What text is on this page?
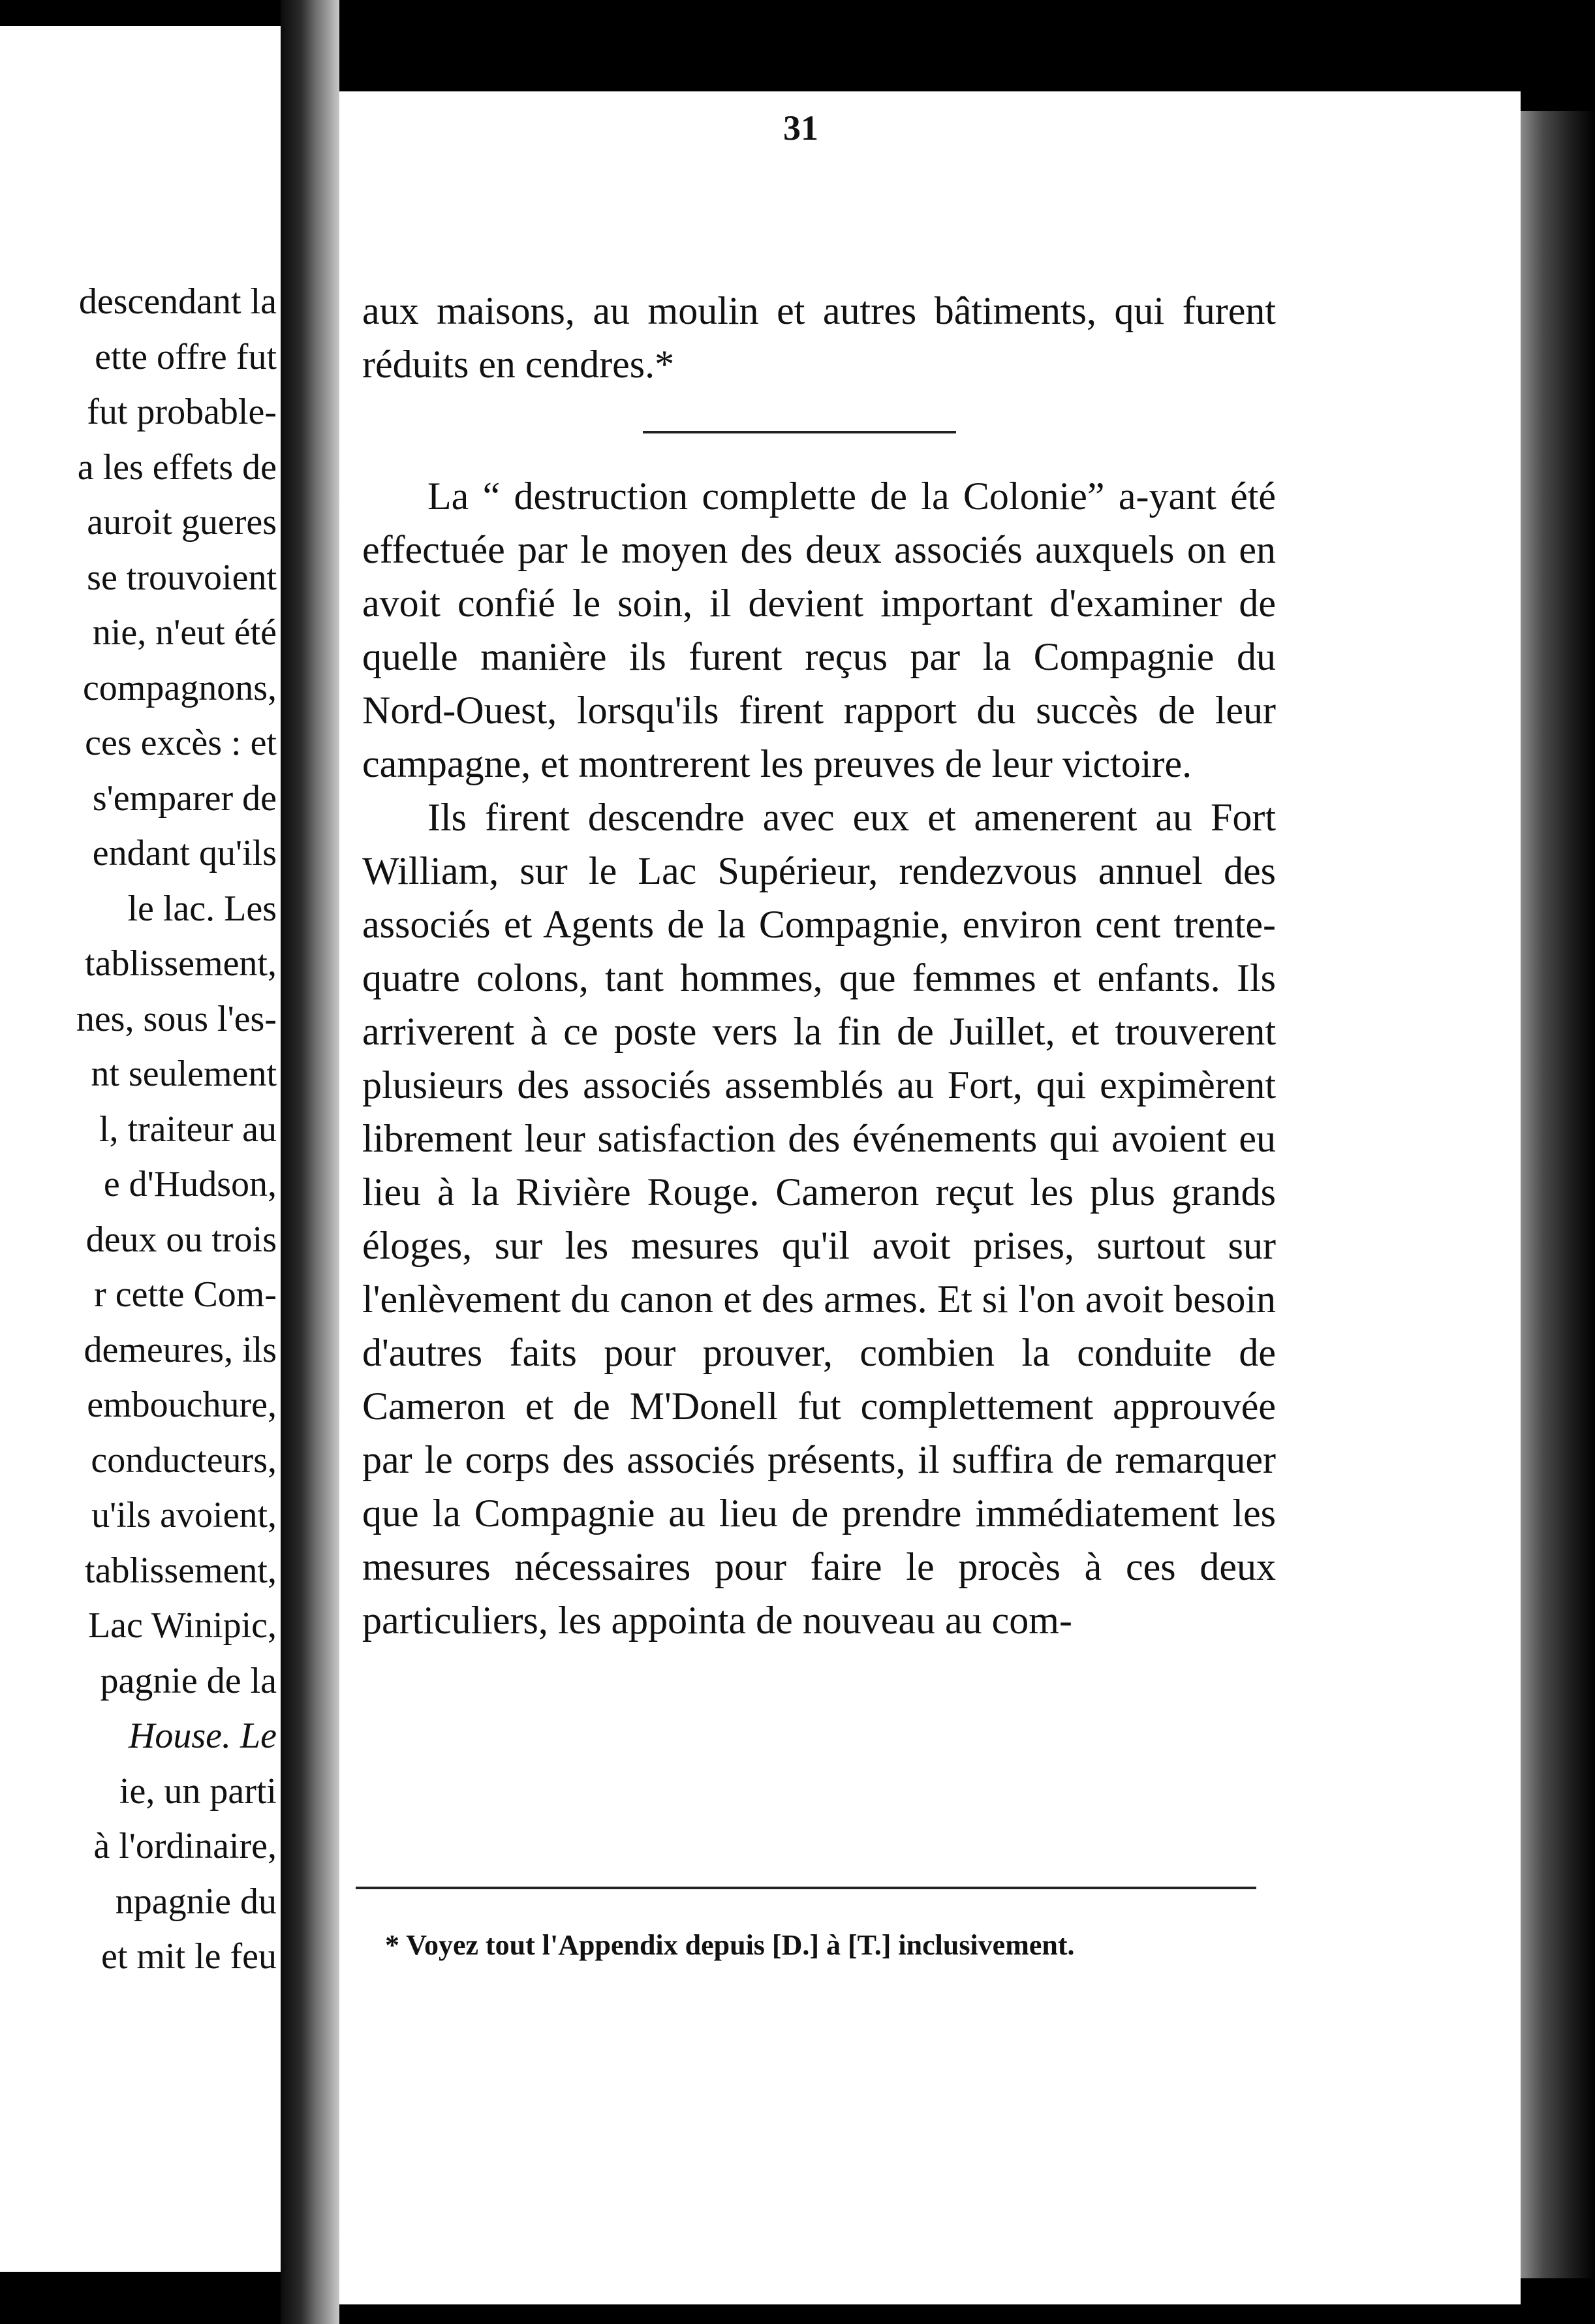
descendant la
ette offre fut
fut probable-
a les effets de
auroit gueres
se trouvoient
nie, n'eut été
compagnons,
ces excès : et
s'emparer de
endant qu'ils
le lac. Les
tablissement,
nes, sous l'es-
nt seulement
l, traiteur au
e d'Hudson,
deux ou trois
r cette Com-
demeures, ils
embouchure,
conducteurs,
u'ils avoient,
tablissement,
Lac Winipic,
pagnie de la
House. Le
ie, un parti
à l'ordinaire,
npagnie du
et mit le feu
31
aux maisons, au moulin et autres bâtiments, qui furent réduits en cendres.*
La “ destruction complette de la Colonie” a-yant été effectuée par le moyen des deux associés auxquels on en avoit confié le soin, il devient important d'examiner de quelle manière ils furent reçus par la Compagnie du Nord-Ouest, lorsqu'ils firent rapport du succès de leur campagne, et montrerent les preuves de leur victoire.
Ils firent descendre avec eux et amenerent au Fort William, sur le Lac Supérieur, rendezvous annuel des associés et Agents de la Compagnie, environ cent trente-quatre colons, tant hommes, que femmes et enfants. Ils arriverent à ce poste vers la fin de Juillet, et trouverent plusieurs des associés assemblés au Fort, qui expimèrent librement leur satisfaction des événements qui avoient eu lieu à la Rivière Rouge. Cameron reçut les plus grands éloges, sur les mesures qu'il avoit prises, surtout sur l'enlèvement du canon et des armes. Et si l'on avoit besoin d'autres faits pour prouver, combien la conduite de Cameron et de M'Donell fut complettement approuvée par le corps des associés présents, il suffira de remarquer que la Compagnie au lieu de prendre immédiatement les mesures nécessaires pour faire le procès à ces deux particuliers, les appointa de nouveau au com-
* Voyez tout l'Appendix depuis [D.] à [T.] inclusivement.
